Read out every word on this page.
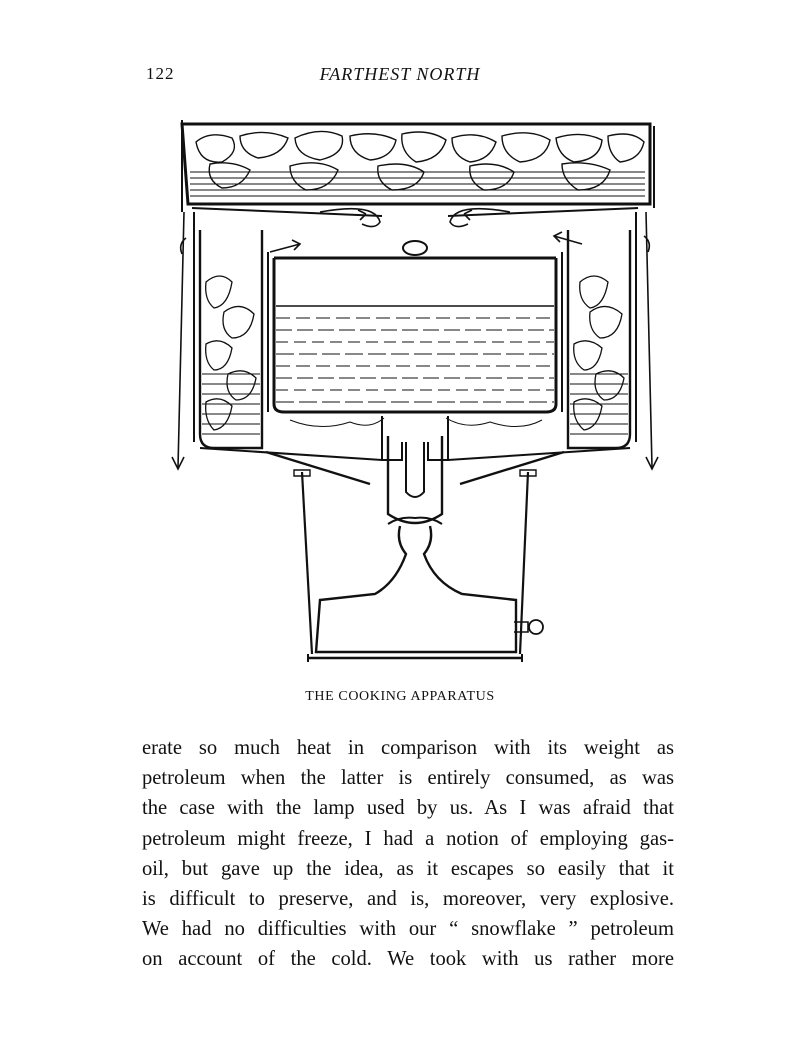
122	FARTHEST NORTH
THE COOKING APPARATUS
erate so much heat in comparison with its weight as
petroleum when the latter is entirely consumed, as was
the case with the lamp used by us. As I was afraid that
petroleum might freeze, I had a notion of employing gas-
oil, but gave up the idea, as it escapes so easily that it
is difficult to preserve, and is, moreover, very explosive.
We had no difficulties with our “ snowflake ” petroleum
on account of the cold. We took with us rather more
